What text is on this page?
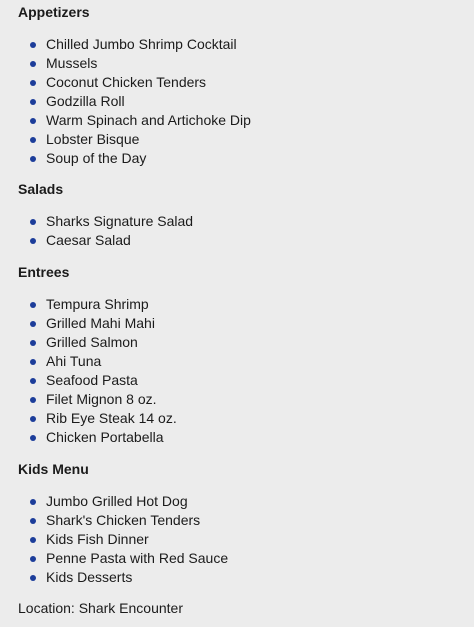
Appetizers
Chilled Jumbo Shrimp Cocktail
Mussels
Coconut Chicken Tenders
Godzilla Roll
Warm Spinach and Artichoke Dip
Lobster Bisque
Soup of the Day
Salads
Sharks Signature Salad
Caesar Salad
Entrees
Tempura Shrimp
Grilled Mahi Mahi
Grilled Salmon
Ahi Tuna
Seafood Pasta
Filet Mignon 8 oz.
Rib Eye Steak 14 oz.
Chicken Portabella
Kids Menu
Jumbo Grilled Hot Dog
Shark's Chicken Tenders
Kids Fish Dinner
Penne Pasta with Red Sauce
Kids Desserts

Location: Shark Encounter
